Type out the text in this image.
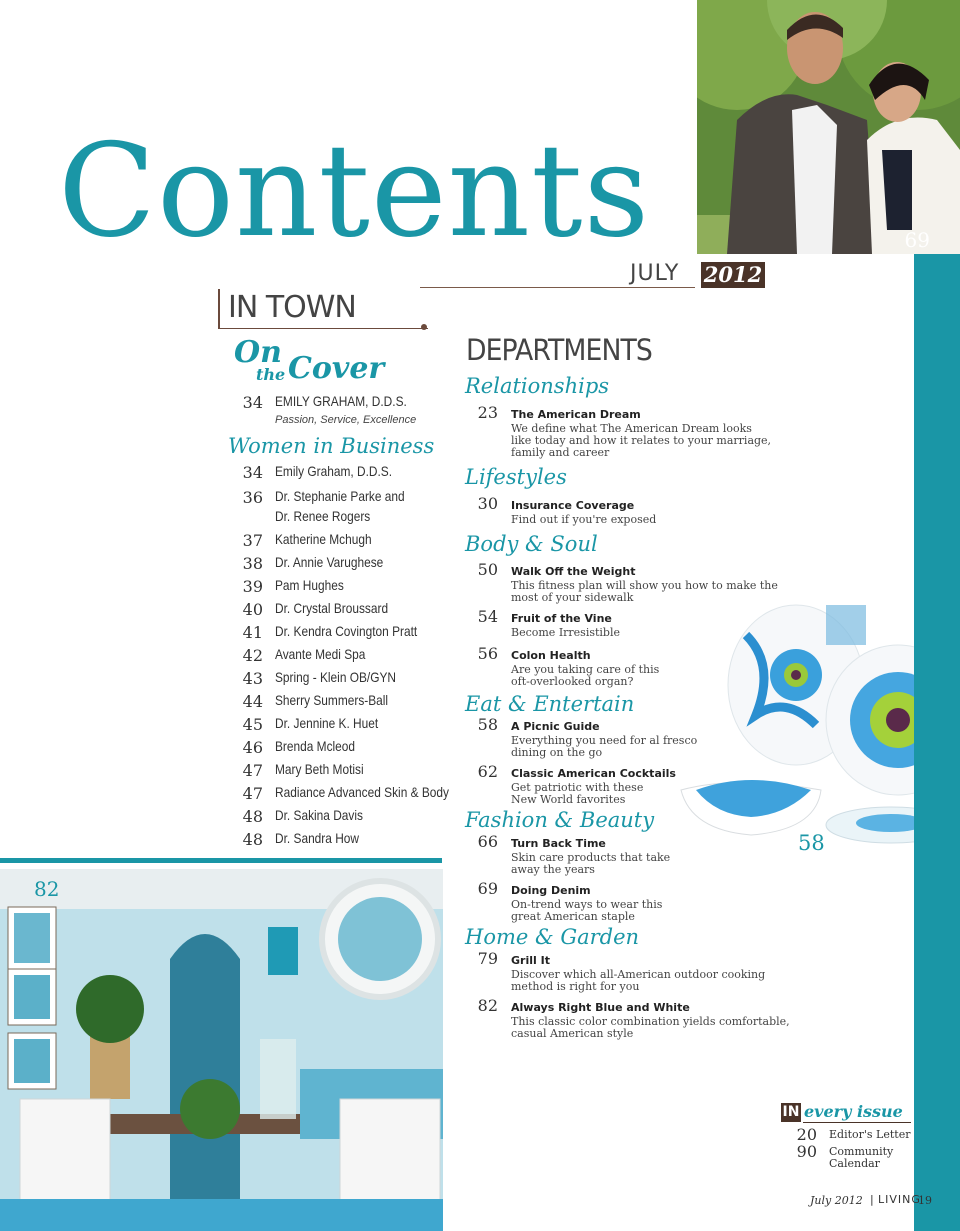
69
Contents
JULY 2012
IN TOWN
On
the Cover
34 EMILY GRAHAM, D.D.S.
Passion, Service, Excellence
Women in Business
DEPARTMENTS
58
82
IN every issue
July 2012 | LIVING
19
34 Emily Graham, D.D.S.
36 Dr. Stephanie Parke and
Dr. Renee Rogers
37 Katherine Mchugh
38 Dr. Annie Varughese
39 Pam Hughes
40 Dr. Crystal Broussard
41 Dr. Kendra Covington Pratt
42 Avante Medi Spa
43 Spring - Klein OB/GYN
44 Sherry Summers-Ball
45 Dr. Jennine K. Huet
46 Brenda Mcleod
47 Mary Beth Motisi
47 Radiance Advanced Skin & Body
48 Dr. Sakina Davis
48 Dr. Sandra How
Relationships
23 The American Dream
We define what The American Dream looks
like today and how it relates to your marriage,
family and career
Lifestyles
30 Insurance Coverage
Find out if you're exposed
Body & Soul
50 Walk Off the Weight
This fitness plan will show you how to make the
most of your sidewalk
54 Fruit of the Vine
Become Irresistible
56 Colon Health
Are you taking care of this
oft-overlooked organ?
Eat & Entertain
58 A Picnic Guide
Everything you need for al fresco
dining on the go
62 Classic American Cocktails
Get patriotic with these
New World favorites
Fashion & Beauty
66 Turn Back Time
Skin care products that take
away the years
69 Doing Denim
On-trend ways to wear this
great American staple
Home & Garden
79 Grill It
Discover which all-American outdoor cooking
method is right for you
82 Always Right Blue and White
This classic color combination yields comfortable,
casual American style
20 Editor's Letter
90 Community
Calendar
